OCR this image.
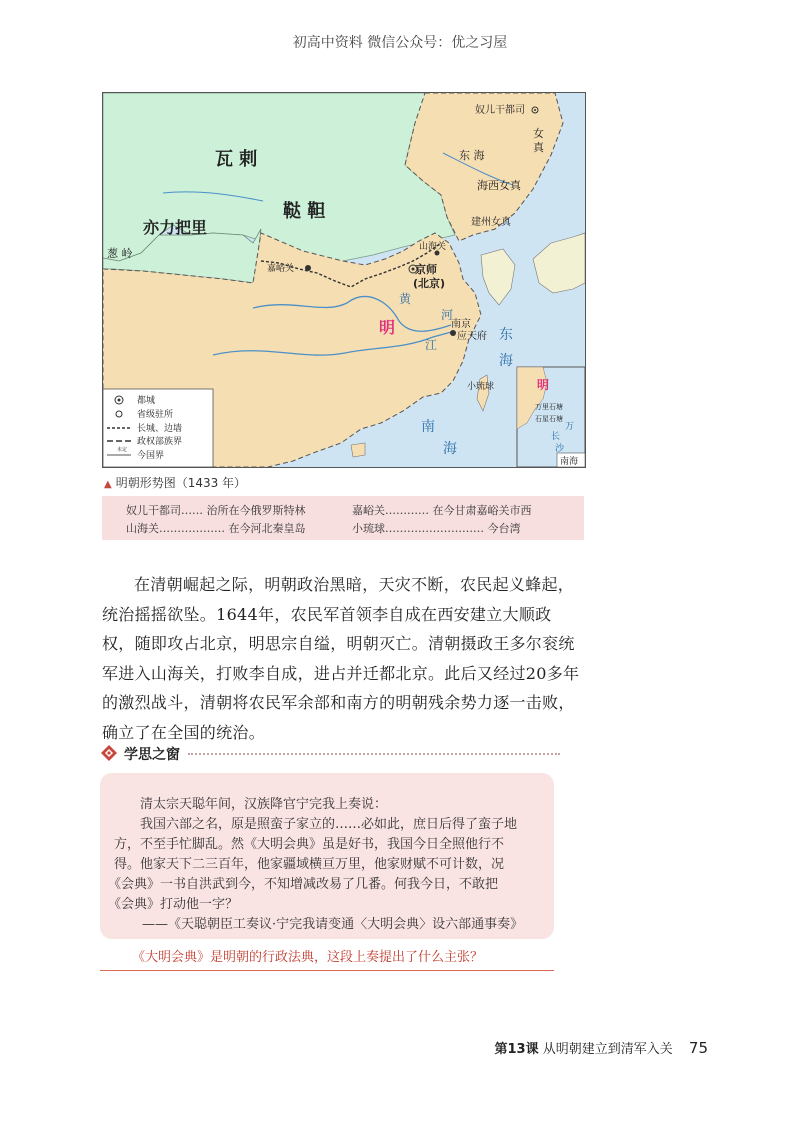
初高中资料 微信公众号：优之习屋
奴儿干都司
瓦 剌
鞑 靼
亦力把里
葱 岭
嘉峪关
山海关
京师
(北京)
明	南京
应天府
黄
河
江
东
海
南
海
小琉球
女
真
东 海
海西女真
建州女真
明
万里石塘
石星石塘
长
沙
万
南海
都城
省级驻所
长城、边墙
政权部族界
未定
今国界
▲ 明朝形势图（1433 年）
奴儿干都司…… 治所在今俄罗斯特林	嘉峪关………… 在今甘肃嘉峪关市西
山海关……………… 在今河北秦皇岛	小琉球……………………… 今台湾
在清朝崛起之际，明朝政治黑暗，天灾不断，农民起义蜂起，统治摇摇欲坠。1644年，农民军首领李自成在西安建立大顺政权，随即攻占北京，明思宗自缢，明朝灭亡。清朝摄政王多尔衮统军进入山海关，打败李自成，进占并迁都北京。此后又经过20多年的激烈战斗，清朝将农民军余部和南方的明朝残余势力逐一击败，确立了在全国的统治。
学思之窗
清太宗天聪年间，汉族降官宁完我上奏说：
我国六部之名，原是照蛮子家立的……必如此，庶日后得了蛮子地
方，不至手忙脚乱。然《大明会典》虽是好书，我国今日全照他行不
得。他家天下二三百年，他家疆域横亘万里，他家财赋不可计数，况
《会典》一书自洪武到今，不知增减改易了几番。何我今日，不敢把
《会典》打动他一字？
——《天聪朝臣工奏议·宁完我请变通〈大明会典〉设六部通事奏》
《大明会典》是明朝的行政法典，这段上奏提出了什么主张？
第13课 从明朝建立到清军入关 75
